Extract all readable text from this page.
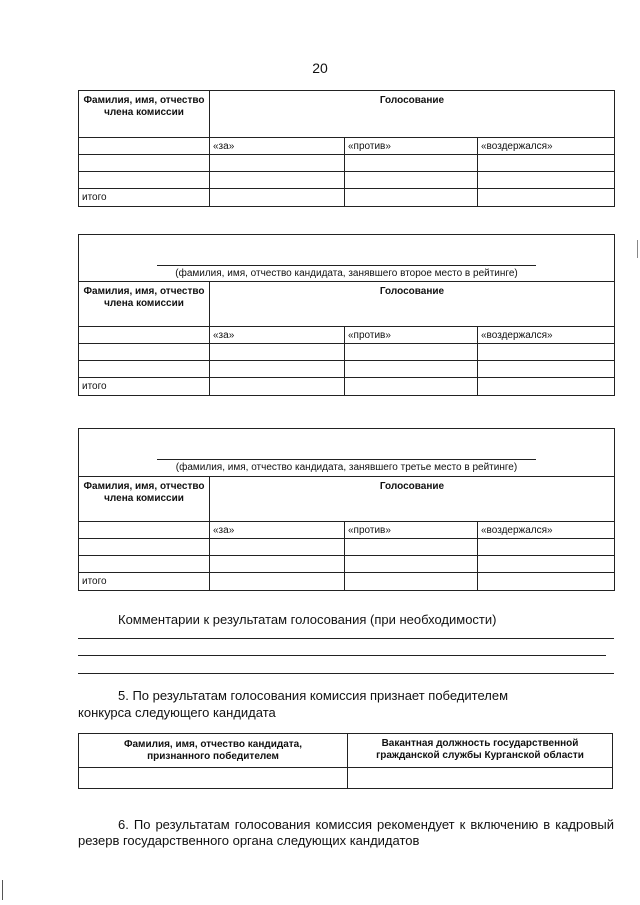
20
Фамилия, имя, отчество члена комиссии	Голосование		
	«за»	«против»	«воздержался»

итого			
(фамилия, имя, отчество кандидата, занявшего второе место в рейтинге)			

Фамилия, имя, отчество члена комиссии	Голосование		
	«за»	«против»	«воздержался»

итого			
(фамилия, имя, отчество кандидата, занявшего третье место в рейтинге)			

Фамилия, имя, отчество члена комиссии	Голосование		
	«за»	«против»	«воздержался»

итого			
Комментарии к результатам голосования (при необходимости)
5. По результатам голосования комиссия признает победителем
конкурса следующего кандидата
Фамилия, имя, отчество кандидата, признанного победителем	Вакантная должность государственной гражданской службы Курганской области

6. По результатам голосования комиссия рекомендует к включению в кадровый резерв государственного органа следующих кандидатов
